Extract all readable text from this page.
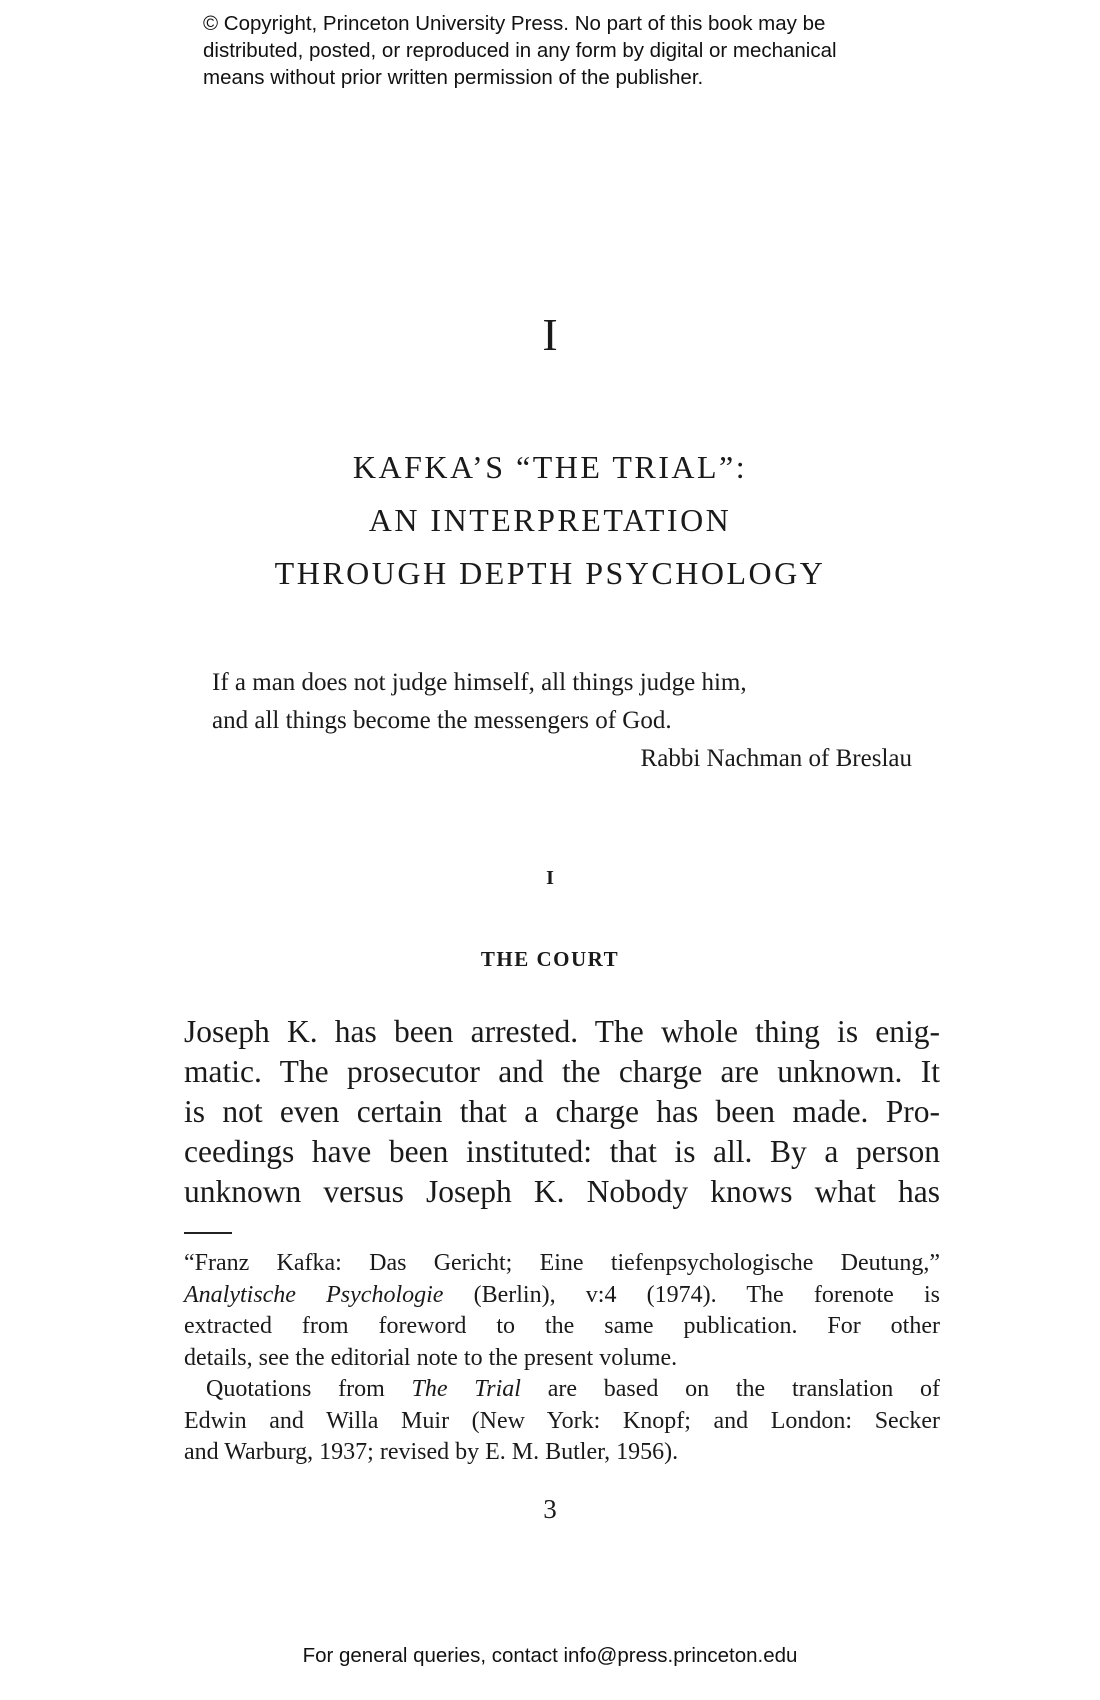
© Copyright, Princeton University Press. No part of this book may be
distributed, posted, or reproduced in any form by digital or mechanical
means without prior written permission of the publisher.
I
KAFKA’S “THE TRIAL”:
AN INTERPRETATION
THROUGH DEPTH PSYCHOLOGY
If a man does not judge himself, all things judge him,
and all things become the messengers of God.
Rabbi Nachman of Breslau
I
THE COURT
Joseph K. has been arrested. The whole thing is enig-
matic. The prosecutor and the charge are unknown. It
is not even certain that a charge has been made. Pro-
ceedings have been instituted: that is all. By a person
unknown versus Joseph K. Nobody knows what has
“Franz Kafka: Das Gericht; Eine tiefenpsychologische Deutung,”
Analytische Psychologie (Berlin), v:4 (1974). The forenote is
extracted from foreword to the same publication. For other
details, see the editorial note to the present volume.
Quotations from The Trial are based on the translation of
Edwin and Willa Muir (New York: Knopf; and London: Secker
and Warburg, 1937; revised by E. M. Butler, 1956).
3
For general queries, contact info@press.princeton.edu
